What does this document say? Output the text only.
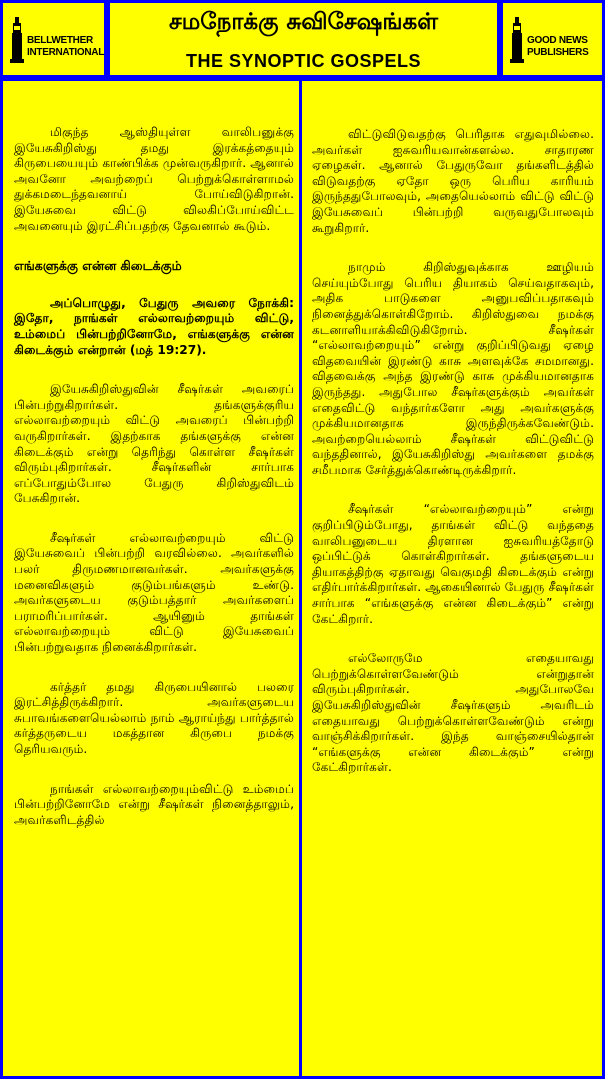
BELLWETHER
INTERNATIONAL
சமநோக்கு சுவிசேஷங்கள்
THE SYNOPTIC GOSPELS
GOOD NEWS
PUBLISHERS

மிகுந்த ஆஸ்தியுள்ள வாலிபனுக்கு இயேசுகிறிஸ்து தமது இரக்கத்தையும் கிருபையையும் காண்பிக்க முன்வருகிறார். ஆனால் அவனோ அவற்றைப் பெற்றுக்கொள்ளாமல் துக்கமடைந்தவனாய் போய்விடுகிறான். இயேசுவை விட்டு விலகிப்போய்விட்ட அவனையும் இரட்சிப்பதற்கு தேவனால் கூடும்.

எங்களுக்கு என்ன கிடைக்கும்

அப்பொழுது, பேதுரு அவரை நோக்கி: இதோ, நாங்கள் எல்லாவற்றையும் விட்டு, உம்மைப் பின்பற்றினோமே, எங்களுக்கு என்ன கிடைக்கும் என்றான் (மத் 19:27).

இயேசுகிறிஸ்துவின் சீஷர்கள் அவரைப் பின்பற்றுகிறார்கள். தங்களுக்குரிய எல்லாவற்றையும் விட்டு அவரைப் பின்பற்றி வருகிறார்கள். இதற்காக தங்களுக்கு என்ன கிடைக்கும் என்று தெரிந்து கொள்ள சீஷர்கள் விரும்புகிறார்கள். சீஷர்களின் சார்பாக எப்போதும்போல பேதுரு கிறிஸ்துவிடம் பேசுகிறான்.

சீஷர்கள் எல்லாவற்றையும் விட்டு இயேசுவைப் பின்பற்றி வரவில்லை. அவர்களில் பலர் திருமணமானவர்கள். அவர்களுக்கு மனைவிகளும் குடும்பங்களும் உண்டு. அவர்களுடைய குடும்பத்தார் அவர்களைப் பராமரிப்பார்கள். ஆயினும் தாங்கள் எல்லாவற்றையும் விட்டு இயேசுவைப் பின்பற்றுவதாக நினைக்கிறார்கள்.

கர்த்தர் தமது கிருபையினால் பலரை இரட்சித்திருக்கிறார். அவர்களுடைய சுபாவங்களையெல்லாம் நாம் ஆராய்ந்து பார்த்தால் கர்த்தருடைய மகத்தான கிருபை நமக்கு தெரியவரும்.

நாங்கள் எல்லாவற்றையும்விட்டு உம்மைப் பின்பற்றினோமே என்று சீஷர்கள் நினைத்தாலும், அவர்களிடத்தில்

விட்டுவிடுவதற்கு பெரிதாக எதுவுமில்லை. அவர்கள் ஐசுவரியவான்களல்ல. சாதாரண ஏழைகள். ஆனால் பேதுருவோ தங்களிடத்தில் விடுவதற்கு ஏதோ ஒரு பெரிய காரியம் இருந்ததுபோலவும், அதையெல்லாம் விட்டு விட்டு இயேசுவைப் பின்பற்றி வருவதுபோலவும் கூறுகிறார்.

நாமும் கிறிஸ்துவுக்காக ஊழியம் செய்யும்போது பெரிய தியாகம் செய்வதாகவும், அதிக பாடுகளை அனுபவிப்பதாகவும் நினைத்துக்கொள்கிறோம். கிறிஸ்துவை நமக்கு கடனாளியாக்கிவிடுகிறோம். சீஷர்கள் “எல்லாவற்றையும்” என்று குறிப்பிடுவது ஏழை விதவையின் இரண்டு காசு அளவுக்கே சமமானது. விதவைக்கு அந்த இரண்டு காசு முக்கியமானதாக இருந்தது. அதுபோல சீஷர்களுக்கும் அவர்கள் எதைவிட்டு வந்தார்களோ அது அவர்களுக்கு முக்கியமானதாக இருந்திருக்கவேண்டும். அவற்றையெல்லாம் சீஷர்கள் விட்டுவிட்டு வந்ததினால், இயேசுகிறிஸ்து அவர்களை தமக்கு சமீபமாக சேர்த்துக்கொண்டிருக்கிறார்.

சீஷர்கள் “எல்லாவற்றையும்” என்று குறிப்பிடும்போது, தாங்கள் விட்டு வந்ததை வாலிபனுடைய திரளான ஐசுவரியத்தோடு ஒப்பிட்டுக் கொள்கிறார்கள். தங்களுடைய தியாகத்திற்கு ஏதாவது வெகுமதி கிடைக்கும் என்று எதிர்பார்க்கிறார்கள். ஆகையினால் பேதுரு சீஷர்கள் சார்பாக “எங்களுக்கு என்ன கிடைக்கும்” என்று கேட்கிறார்.

எல்லோருமே எதையாவது பெற்றுக்கொள்ளவேண்டும் என்றுதான் விரும்புகிறார்கள். அதுபோலவே இயேசுகிறிஸ்துவின் சீஷர்களும் அவரிடம் எதையாவது பெற்றுக்கொள்ளவேண்டும் என்று வாஞ்சிக்கிறார்கள். இந்த வாஞ்சையில்தான் “எங்களுக்கு என்ன கிடைக்கும்” என்று கேட்கிறார்கள்.
